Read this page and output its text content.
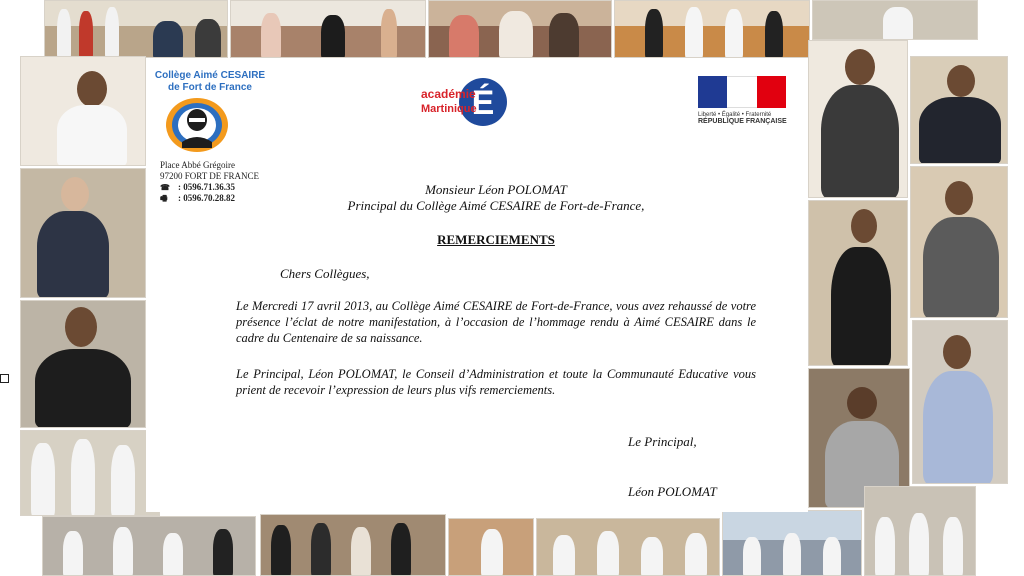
Collège Aimé CESAIRE
de Fort de France
Place Abbé Grégoire
97200 FORT DE FRANCE
☎ : 0596.71.36.35
🖷	: 0596.70.28.82
É
académie
Martinique	Liberté • Égalité • Fraternité
RÉPUBLIQUE FRANÇAISE
Monsieur Léon POLOMAT
Principal du Collège Aimé CESAIRE de Fort-de-France,
REMERCIEMENTS
Chers Collègues,
Le Mercredi 17 avril 2013, au Collège Aimé CESAIRE de Fort-de-France, vous avez rehaussé de votre présence l’éclat de notre manifestation, à l’occasion de l’hommage rendu à Aimé CESAIRE dans le cadre du Centenaire de sa naissance.
Le Principal, Léon POLOMAT, le Conseil d’Administration et toute la Communauté Educative vous prient de recevoir l’expression de leurs plus vifs remerciements.
Le Principal,
Léon POLOMAT
